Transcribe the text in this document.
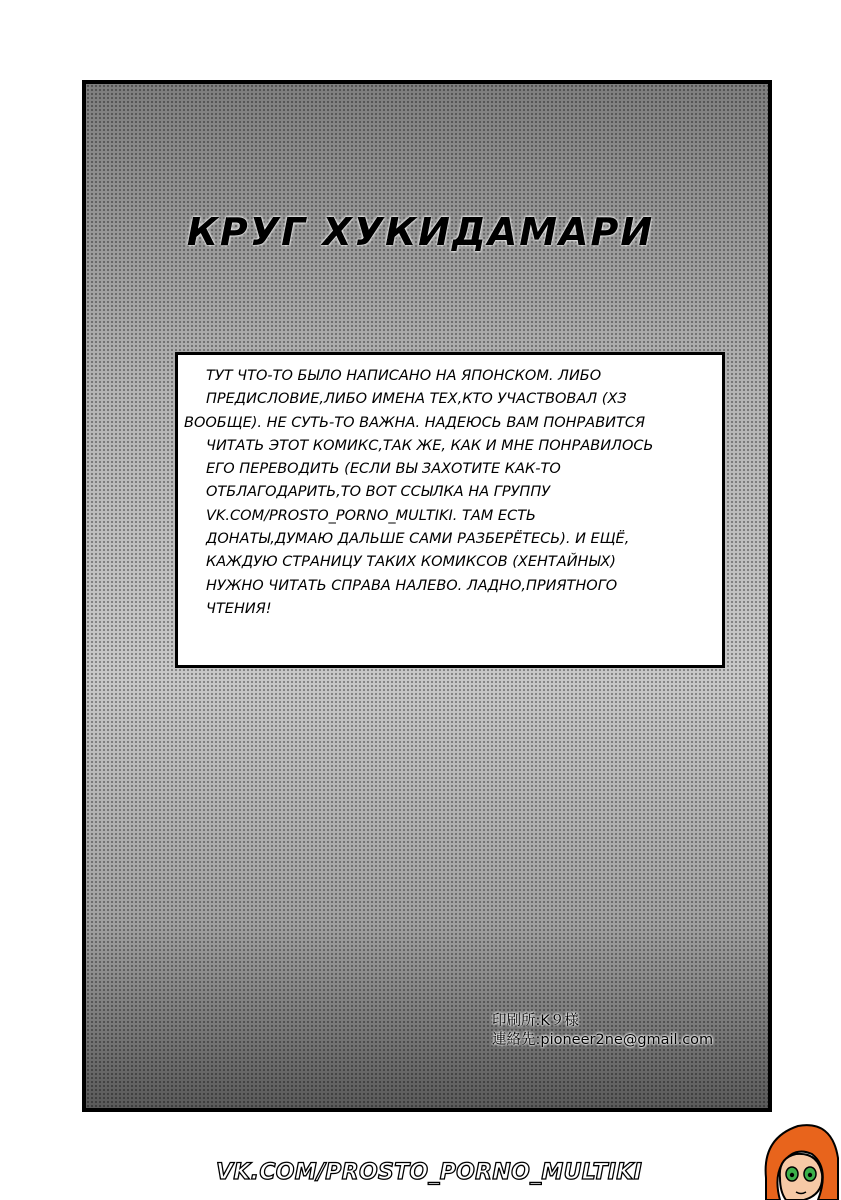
КРУГ ХУКИДАМАРИ

ТУТ ЧТО-ТО БЫЛО НАПИСАНО НА ЯПОНСКОМ. ЛИБО

ПРЕДИСЛОВИЕ,ЛИБО ИМЕНА ТЕХ,КТО УЧАСТВОВАЛ (ХЗ

ВООБЩЕ). НЕ СУТЬ-ТО ВАЖНА. НАДЕЮСЬ ВАМ ПОНРАВИТСЯ

ЧИТАТЬ ЭТОТ КОМИКС,ТАК ЖЕ, КАК И МНЕ ПОНРАВИЛОСЬ

ЕГО ПЕРЕВОДИТЬ (ЕСЛИ ВЫ ЗАХОТИТЕ КАК-ТО

ОТБЛАГОДАРИТЬ,ТО ВОТ ССЫЛКА НА ГРУППУ

VK.COM/PROSTO_PORNO_MULTIKI. ТАМ ЕСТЬ

ДОНАТЫ,ДУМАЮ ДАЛЬШЕ САМИ РАЗБЕРЁТЕСЬ). И ЕЩЁ,

КАЖДУЮ СТРАНИЦУ ТАКИХ КОМИКСОВ (ХЕНТАЙНЫХ)

НУЖНО ЧИТАТЬ СПРАВА НАЛЕВО. ЛАДНО,ПРИЯТНОГО

ЧТЕНИЯ!

印刷所:K９様
連絡先:pioneer2ne@gmail.com
VK.COM/PROSTO_PORNO_MULTIKI
